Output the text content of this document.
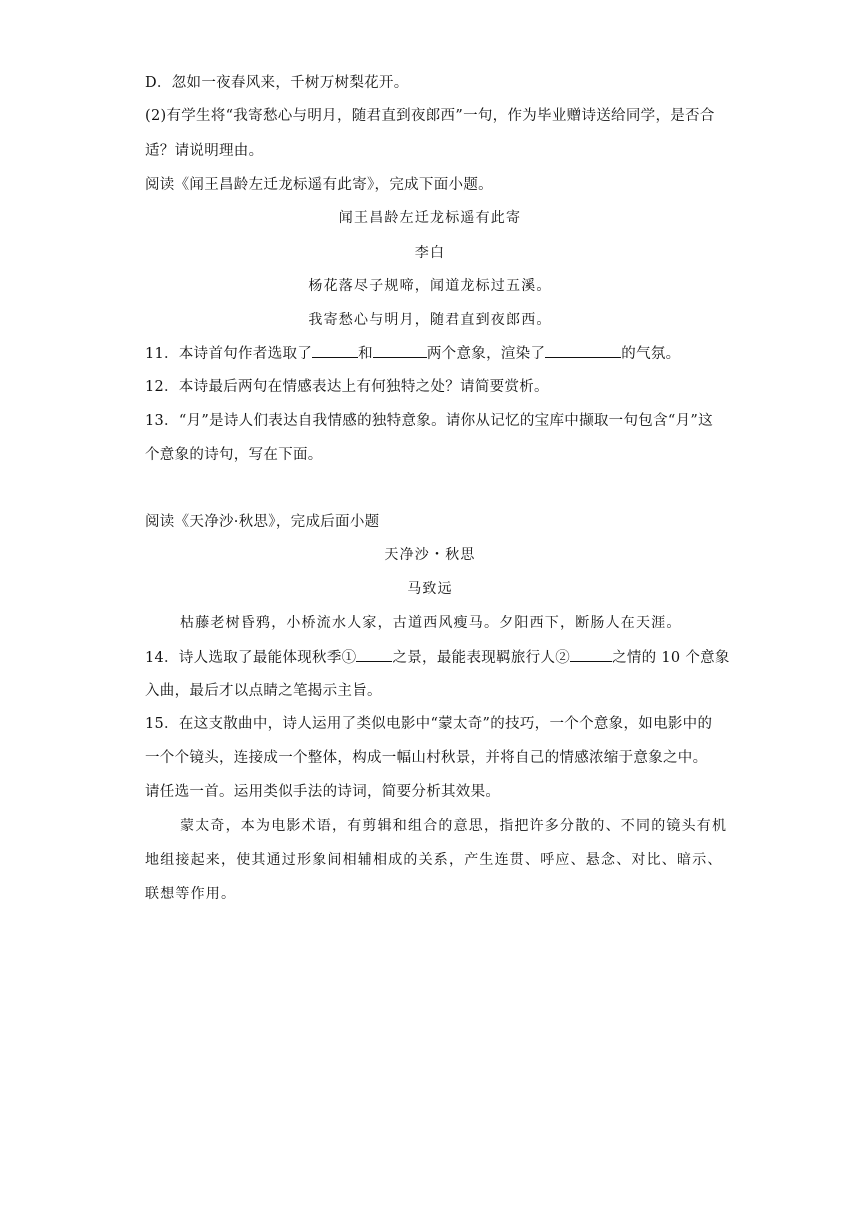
D．忽如一夜春风来，千树万树梨花开。
(2)有学生将“我寄愁心与明月，随君直到夜郎西”一句，作为毕业赠诗送给同学，是否合
适？请说明理由。
阅读《闻王昌龄左迁龙标遥有此寄》，完成下面小题。
闻王昌龄左迁龙标遥有此寄
李白
杨花落尽子规啼，闻道龙标过五溪。
我寄愁心与明月，随君直到夜郎西。
11．本诗首句作者选取了	和	两个意象，渲染了	的气氛。
12．本诗最后两句在情感表达上有何独特之处？请简要赏析。
13．“月”是诗人们表达自我情感的独特意象。请你从记忆的宝库中撷取一句包含“月”这
个意象的诗句，写在下面。
阅读《天净沙·秋思》，完成后面小题
天净沙・秋思
马致远
枯藤老树昏鸦，小桥流水人家，古道西风瘦马。夕阳西下，断肠人在天涯。
14．诗人选取了最能体现秋季① 之景，最能表现羁旅行人②	之情的 10 个意象
入曲，最后才以点睛之笔揭示主旨。
15．在这支散曲中，诗人运用了类似电影中“蒙太奇”的技巧，一个个意象，如电影中的
一个个镜头，连接成一个整体，构成一幅山村秋景，并将自己的情感浓缩于意象之中。
请任选一首。运用类似手法的诗词，简要分析其效果。
蒙太奇，本为电影术语，有剪辑和组合的意思，指把许多分散的、不同的镜头有机
地组接起来，使其通过形象间相辅相成的关系，产生连贯、呼应、悬念、对比、暗示、
联想等作用。
